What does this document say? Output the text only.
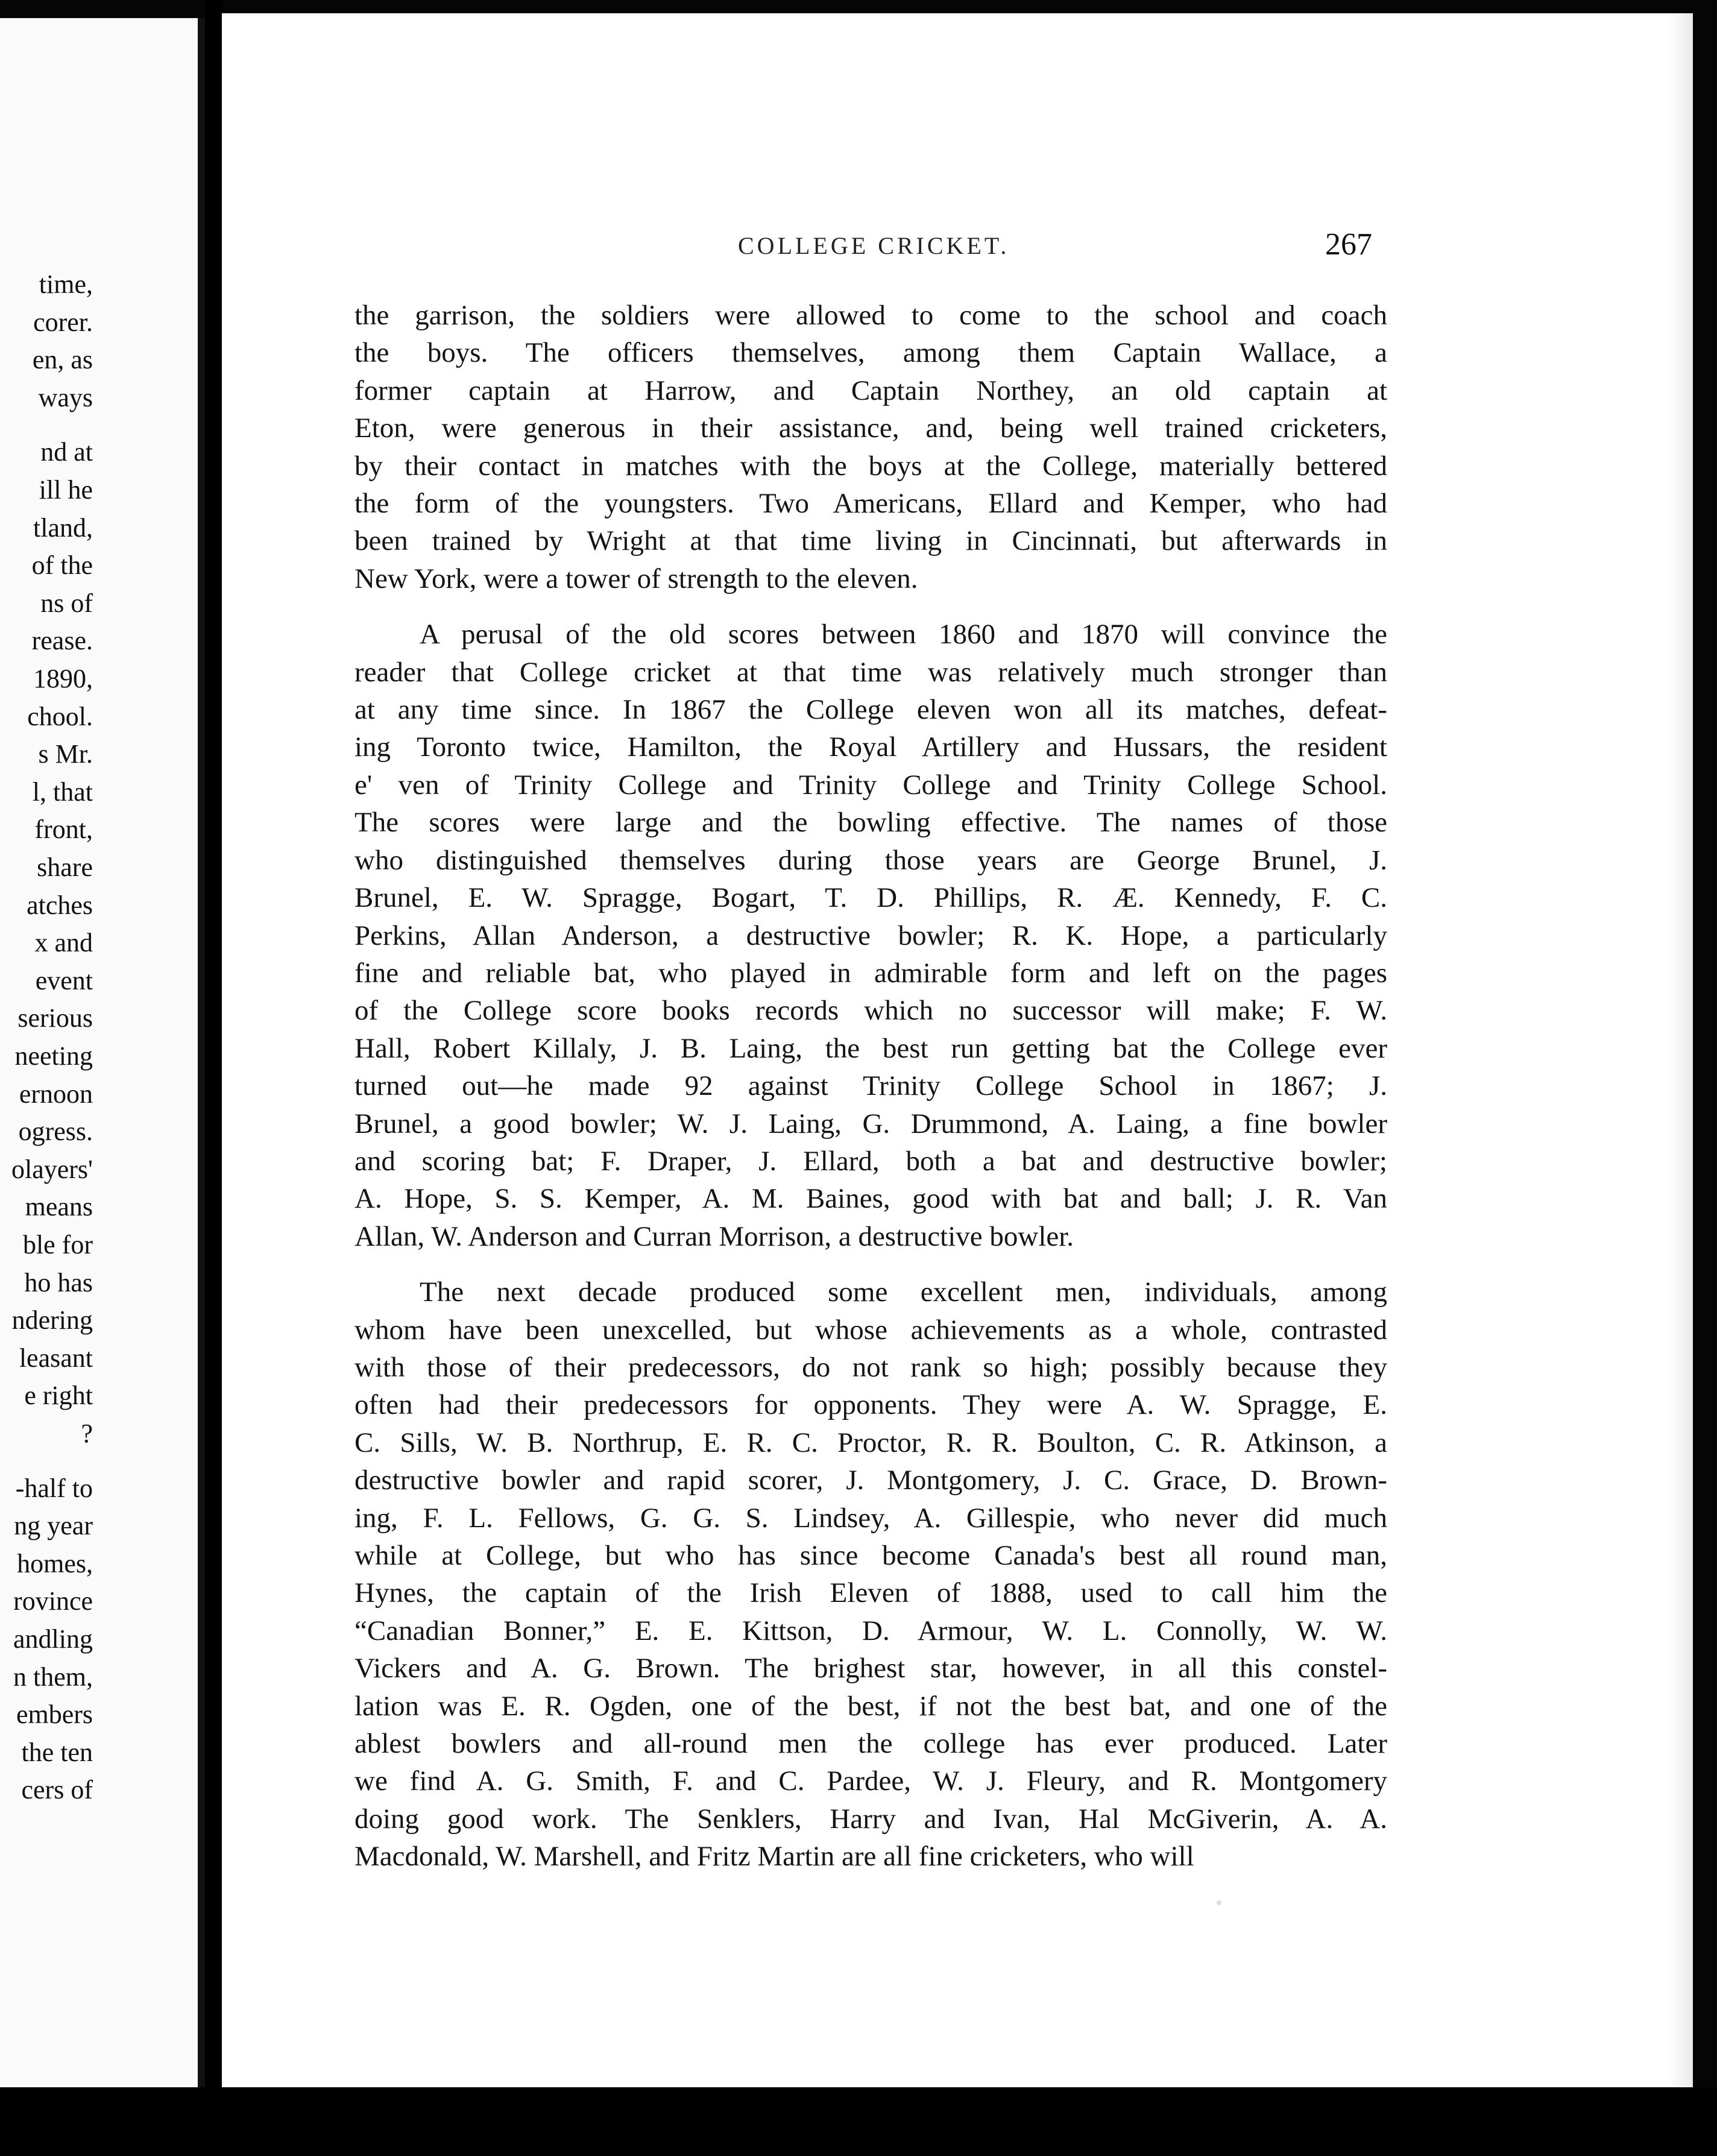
time,
corer.
en, as
ways
nd at
ill he
tland,
of the
ns of
rease.
1890,
chool.
s Mr.
l, that
front,
share
atches
x and
event
serious
neeting
ernoon
ogress.
olayers'
means
ble for
ho has
ndering
leasant
e right
?
-half to
ng year
homes,
rovince
andling
n them,
embers
the ten
cers of
COLLEGE CRICKET.	267
the garrison, the soldiers were allowed to come to the school and coach
the boys. The officers themselves, among them Captain Wallace, a
former captain at Harrow, and Captain Northey, an old captain at
Eton, were generous in their assistance, and, being well trained cricketers,
by their contact in matches with the boys at the College, materially bettered
the form of the youngsters. Two Americans, Ellard and Kemper, who had
been trained by Wright at that time living in Cincinnati, but afterwards in
New York, were a tower of strength to the eleven.
A perusal of the old scores between 1860 and 1870 will convince the
reader that College cricket at that time was relatively much stronger than
at any time since. In 1867 the College eleven won all its matches, defeat-
ing Toronto twice, Hamilton, the Royal Artillery and Hussars, the resident
e' ven of Trinity College and Trinity College and Trinity College School.
The scores were large and the bowling effective. The names of those
who distinguished themselves during those years are George Brunel, J.
Brunel, E. W. Spragge, Bogart, T. D. Phillips, R. Æ. Kennedy, F. C.
Perkins, Allan Anderson, a destructive bowler; R. K. Hope, a particularly
fine and reliable bat, who played in admirable form and left on the pages
of the College score books records which no successor will make; F. W.
Hall, Robert Killaly, J. B. Laing, the best run getting bat the College ever
turned out—he made 92 against Trinity College School in 1867; J.
Brunel, a good bowler; W. J. Laing, G. Drummond, A. Laing, a fine bowler
and scoring bat; F. Draper, J. Ellard, both a bat and destructive bowler;
A. Hope, S. S. Kemper, A. M. Baines, good with bat and ball; J. R. Van
Allan, W. Anderson and Curran Morrison, a destructive bowler.
The next decade produced some excellent men, individuals, among
whom have been unexcelled, but whose achievements as a whole, contrasted
with those of their predecessors, do not rank so high; possibly because they
often had their predecessors for opponents. They were A. W. Spragge, E.
C. Sills, W. B. Northrup, E. R. C. Proctor, R. R. Boulton, C. R. Atkinson, a
destructive bowler and rapid scorer, J. Montgomery, J. C. Grace, D. Brown-
ing, F. L. Fellows, G. G. S. Lindsey, A. Gillespie, who never did much
while at College, but who has since become Canada's best all round man,
Hynes, the captain of the Irish Eleven of 1888, used to call him the
“Canadian Bonner,” E. E. Kittson, D. Armour, W. L. Connolly, W. W.
Vickers and A. G. Brown. The brighest star, however, in all this constel-
lation was E. R. Ogden, one of the best, if not the best bat, and one of the
ablest bowlers and all-round men the college has ever produced. Later
we find A. G. Smith, F. and C. Pardee, W. J. Fleury, and R. Montgomery
doing good work. The Senklers, Harry and Ivan, Hal McGiverin, A. A.
Macdonald, W. Marshell, and Fritz Martin are all fine cricketers, who will
